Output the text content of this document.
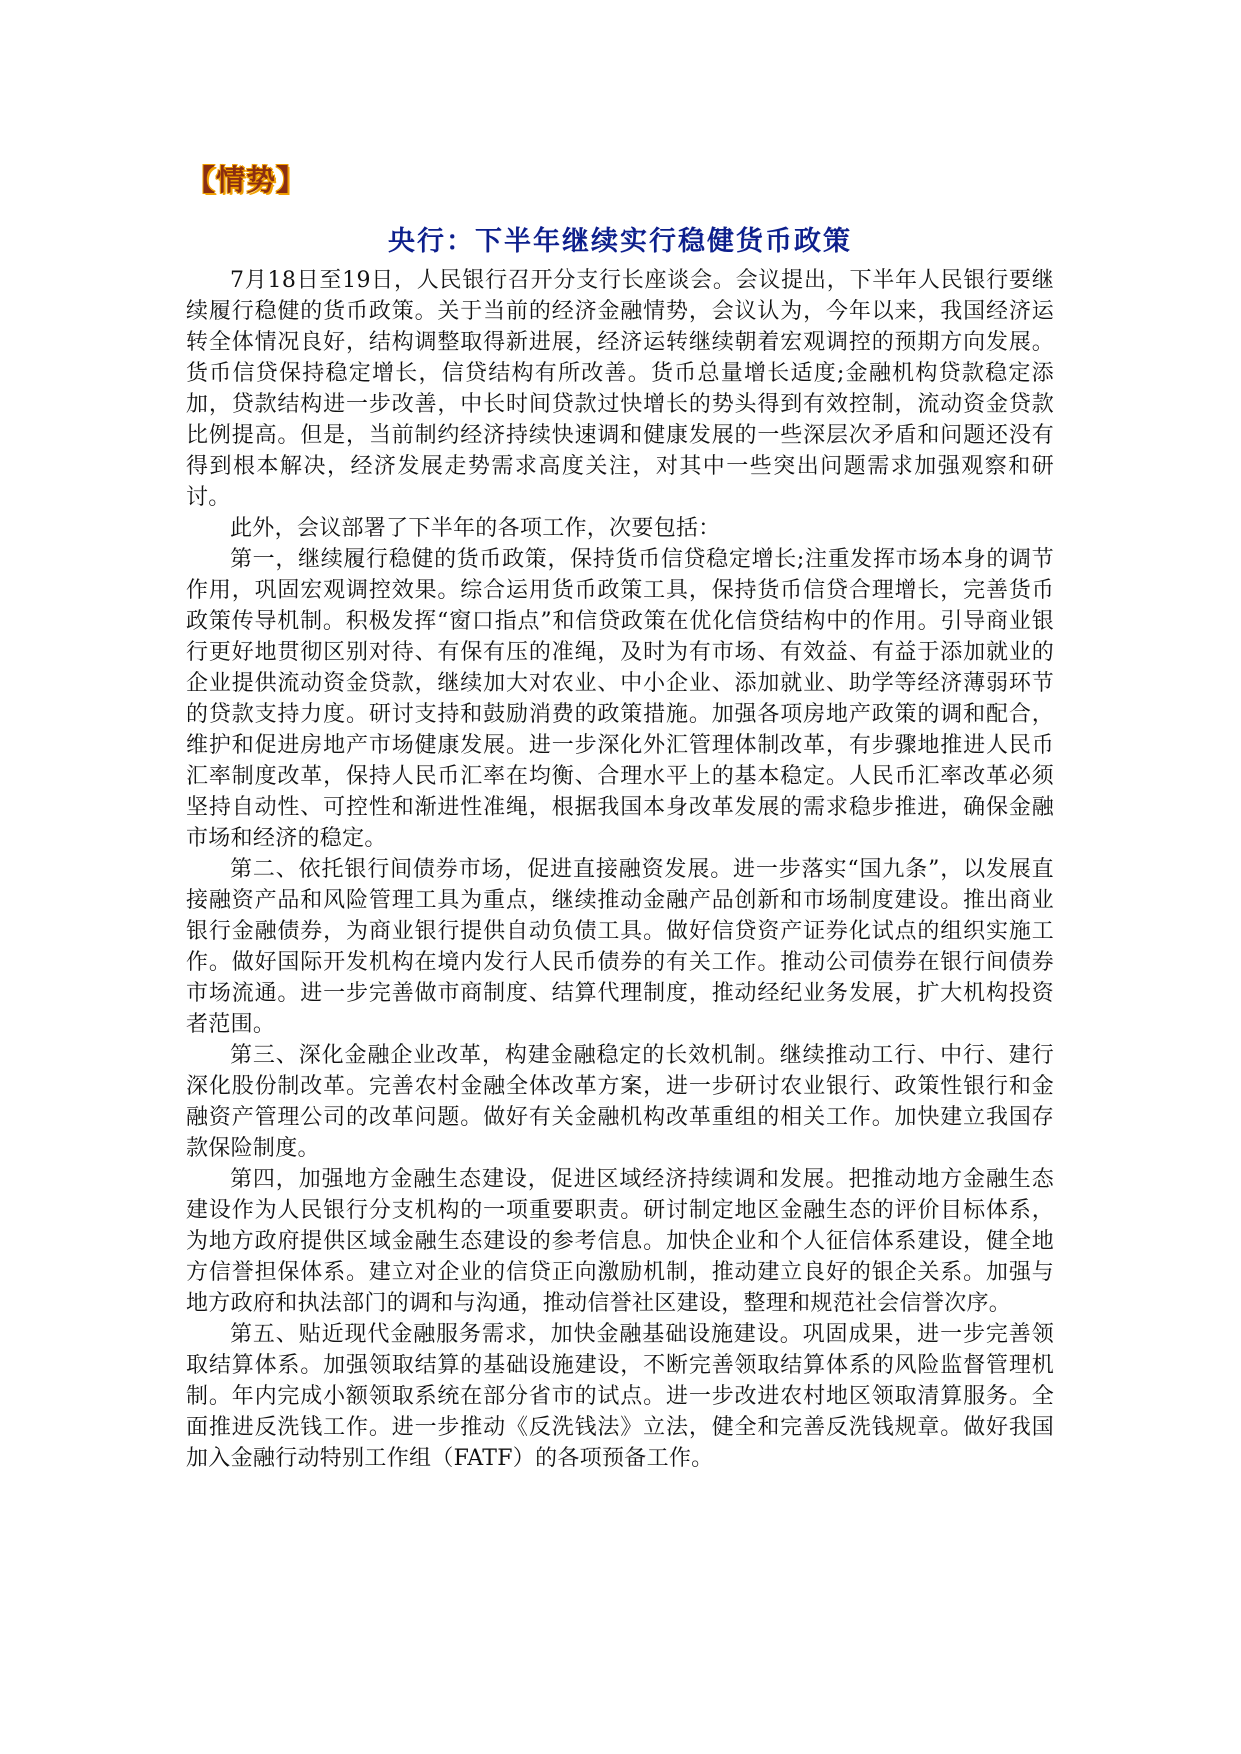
【情势】
央行：下半年继续实行稳健货币政策

7月18日至19日，人民银行召开分支行长座谈会。会议提出，下半年人民银行要继续履行稳健的货币政策。关于当前的经济金融情势，会议认为，今年以来，我国经济运转全体情况良好，结构调整取得新进展，经济运转继续朝着宏观调控的预期方向发展。货币信贷保持稳定增长，信贷结构有所改善。货币总量增长适度;金融机构贷款稳定添加，贷款结构进一步改善，中长时间贷款过快增长的势头得到有效控制，流动资金贷款比例提高。但是，当前制约经济持续快速调和健康发展的一些深层次矛盾和问题还没有得到根本解决，经济发展走势需求高度关注，对其中一些突出问题需求加强观察和研讨。

此外，会议部署了下半年的各项工作，次要包括：

第一，继续履行稳健的货币政策，保持货币信贷稳定增长;注重发挥市场本身的调节作用，巩固宏观调控效果。综合运用货币政策工具，保持货币信贷合理增长，完善货币政策传导机制。积极发挥“窗口指点”和信贷政策在优化信贷结构中的作用。引导商业银行更好地贯彻区别对待、有保有压的准绳，及时为有市场、有效益、有益于添加就业的企业提供流动资金贷款，继续加大对农业、中小企业、添加就业、助学等经济薄弱环节的贷款支持力度。研讨支持和鼓励消费的政策措施。加强各项房地产政策的调和配合，维护和促进房地产市场健康发展。进一步深化外汇管理体制改革，有步骤地推进人民币汇率制度改革，保持人民币汇率在均衡、合理水平上的基本稳定。人民币汇率改革必须坚持自动性、可控性和渐进性准绳，根据我国本身改革发展的需求稳步推进，确保金融市场和经济的稳定。

第二、依托银行间债券市场，促进直接融资发展。进一步落实“国九条”，以发展直接融资产品和风险管理工具为重点，继续推动金融产品创新和市场制度建设。推出商业银行金融债券，为商业银行提供自动负债工具。做好信贷资产证券化试点的组织实施工作。做好国际开发机构在境内发行人民币债券的有关工作。推动公司债券在银行间债券市场流通。进一步完善做市商制度、结算代理制度，推动经纪业务发展，扩大机构投资者范围。

第三、深化金融企业改革，构建金融稳定的长效机制。继续推动工行、中行、建行深化股份制改革。完善农村金融全体改革方案，进一步研讨农业银行、政策性银行和金融资产管理公司的改革问题。做好有关金融机构改革重组的相关工作。加快建立我国存款保险制度。

第四，加强地方金融生态建设，促进区域经济持续调和发展。把推动地方金融生态建设作为人民银行分支机构的一项重要职责。研讨制定地区金融生态的评价目标体系，为地方政府提供区域金融生态建设的参考信息。加快企业和个人征信体系建设，健全地方信誉担保体系。建立对企业的信贷正向激励机制，推动建立良好的银企关系。加强与地方政府和执法部门的调和与沟通，推动信誉社区建设，整理和规范社会信誉次序。

第五、贴近现代金融服务需求，加快金融基础设施建设。巩固成果，进一步完善领取结算体系。加强领取结算的基础设施建设，不断完善领取结算体系的风险监督管理机制。年内完成小额领取系统在部分省市的试点。进一步改进农村地区领取清算服务。全面推进反洗钱工作。进一步推动《反洗钱法》立法，健全和完善反洗钱规章。做好我国加入金融行动特别工作组（FATF）的各项预备工作。
